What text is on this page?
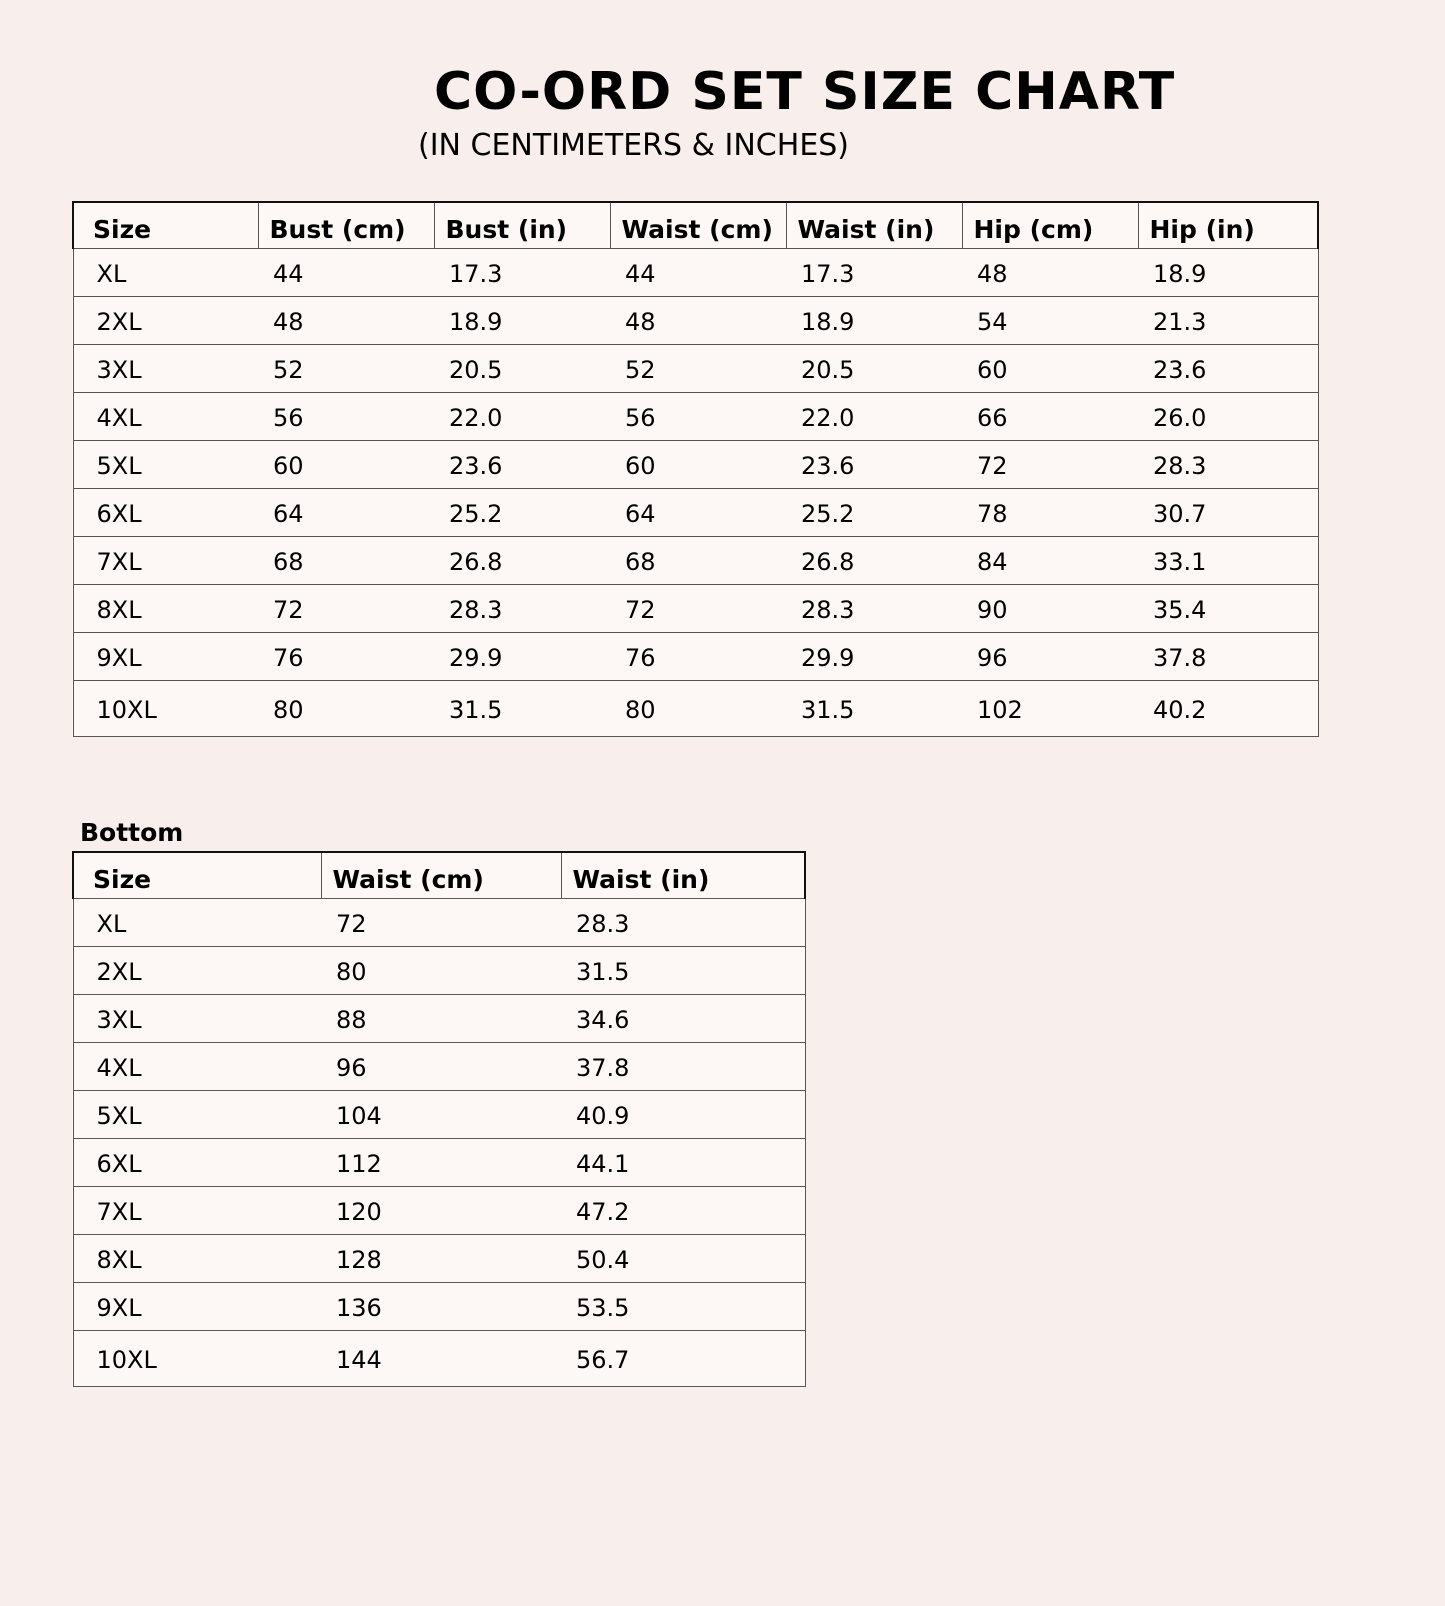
CO-ORD SET SIZE CHART
(IN CENTIMETERS & INCHES)
Size	Bust (cm)	Bust (in)	Waist (cm)	Waist (in)	Hip (cm)	Hip (in)
XL	44	17.3	44	17.3	48	18.9
2XL	48	18.9	48	18.9	54	21.3
3XL	52	20.5	52	20.5	60	23.6
4XL	56	22.0	56	22.0	66	26.0
5XL	60	23.6	60	23.6	72	28.3
6XL	64	25.2	64	25.2	78	30.7
7XL	68	26.8	68	26.8	84	33.1
8XL	72	28.3	72	28.3	90	35.4
9XL	76	29.9	76	29.9	96	37.8
10XL	80	31.5	80	31.5	102	40.2
Bottom
Size	Waist (cm)	Waist (in)
XL	72	28.3
2XL	80	31.5
3XL	88	34.6
4XL	96	37.8
5XL	104	40.9
6XL	112	44.1
7XL	120	47.2
8XL	128	50.4
9XL	136	53.5
10XL	144	56.7
